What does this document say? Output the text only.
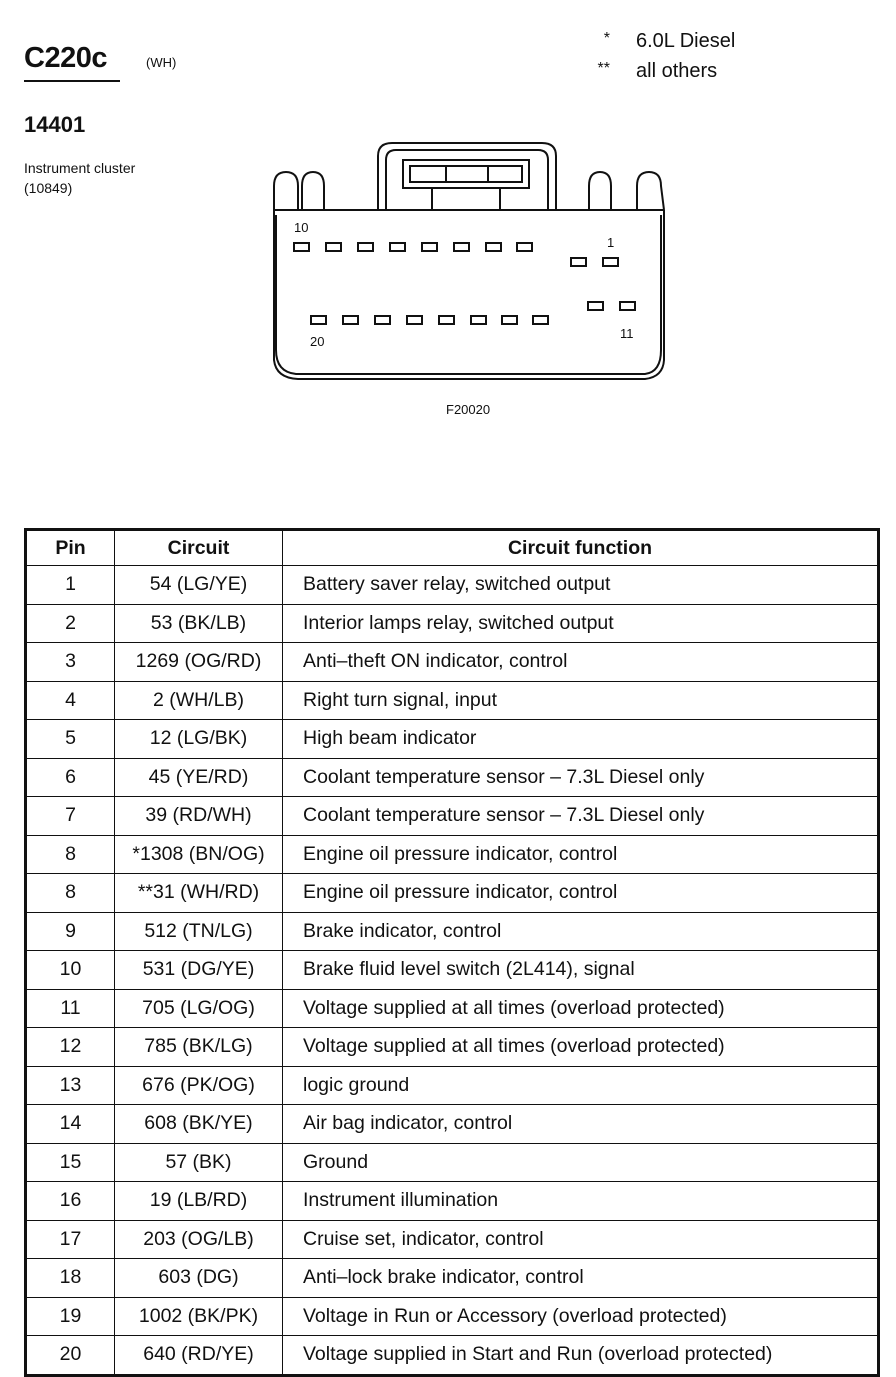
C220c	(WH)
14401
Instrument cluster
(10849)
* 6.0L Diesel
** all others
10
1
20
11
F20020
Pin	Circuit	Circuit function
1	54 (LG/YE)	Battery saver relay, switched output
2	53 (BK/LB)	Interior lamps relay, switched output
3	1269 (OG/RD)	Anti–theft ON indicator, control
4	2 (WH/LB)	Right turn signal, input
5	12 (LG/BK)	High beam indicator
6	45 (YE/RD)	Coolant temperature sensor – 7.3L Diesel only
7	39 (RD/WH)	Coolant temperature sensor – 7.3L Diesel only
8	*1308 (BN/OG)	Engine oil pressure indicator, control
8	**31 (WH/RD)	Engine oil pressure indicator, control
9	512 (TN/LG)	Brake indicator, control
10	531 (DG/YE)	Brake fluid level switch (2L414), signal
11	705 (LG/OG)	Voltage supplied at all times (overload protected)
12	785 (BK/LG)	Voltage supplied at all times (overload protected)
13	676 (PK/OG)	logic ground
14	608 (BK/YE)	Air bag indicator, control
15	57 (BK)	Ground
16	19 (LB/RD)	Instrument illumination
17	203 (OG/LB)	Cruise set, indicator, control
18	603 (DG)	Anti–lock brake indicator, control
19	1002 (BK/PK)	Voltage in Run or Accessory (overload protected)
20	640 (RD/YE)	Voltage supplied in Start and Run (overload protected)
